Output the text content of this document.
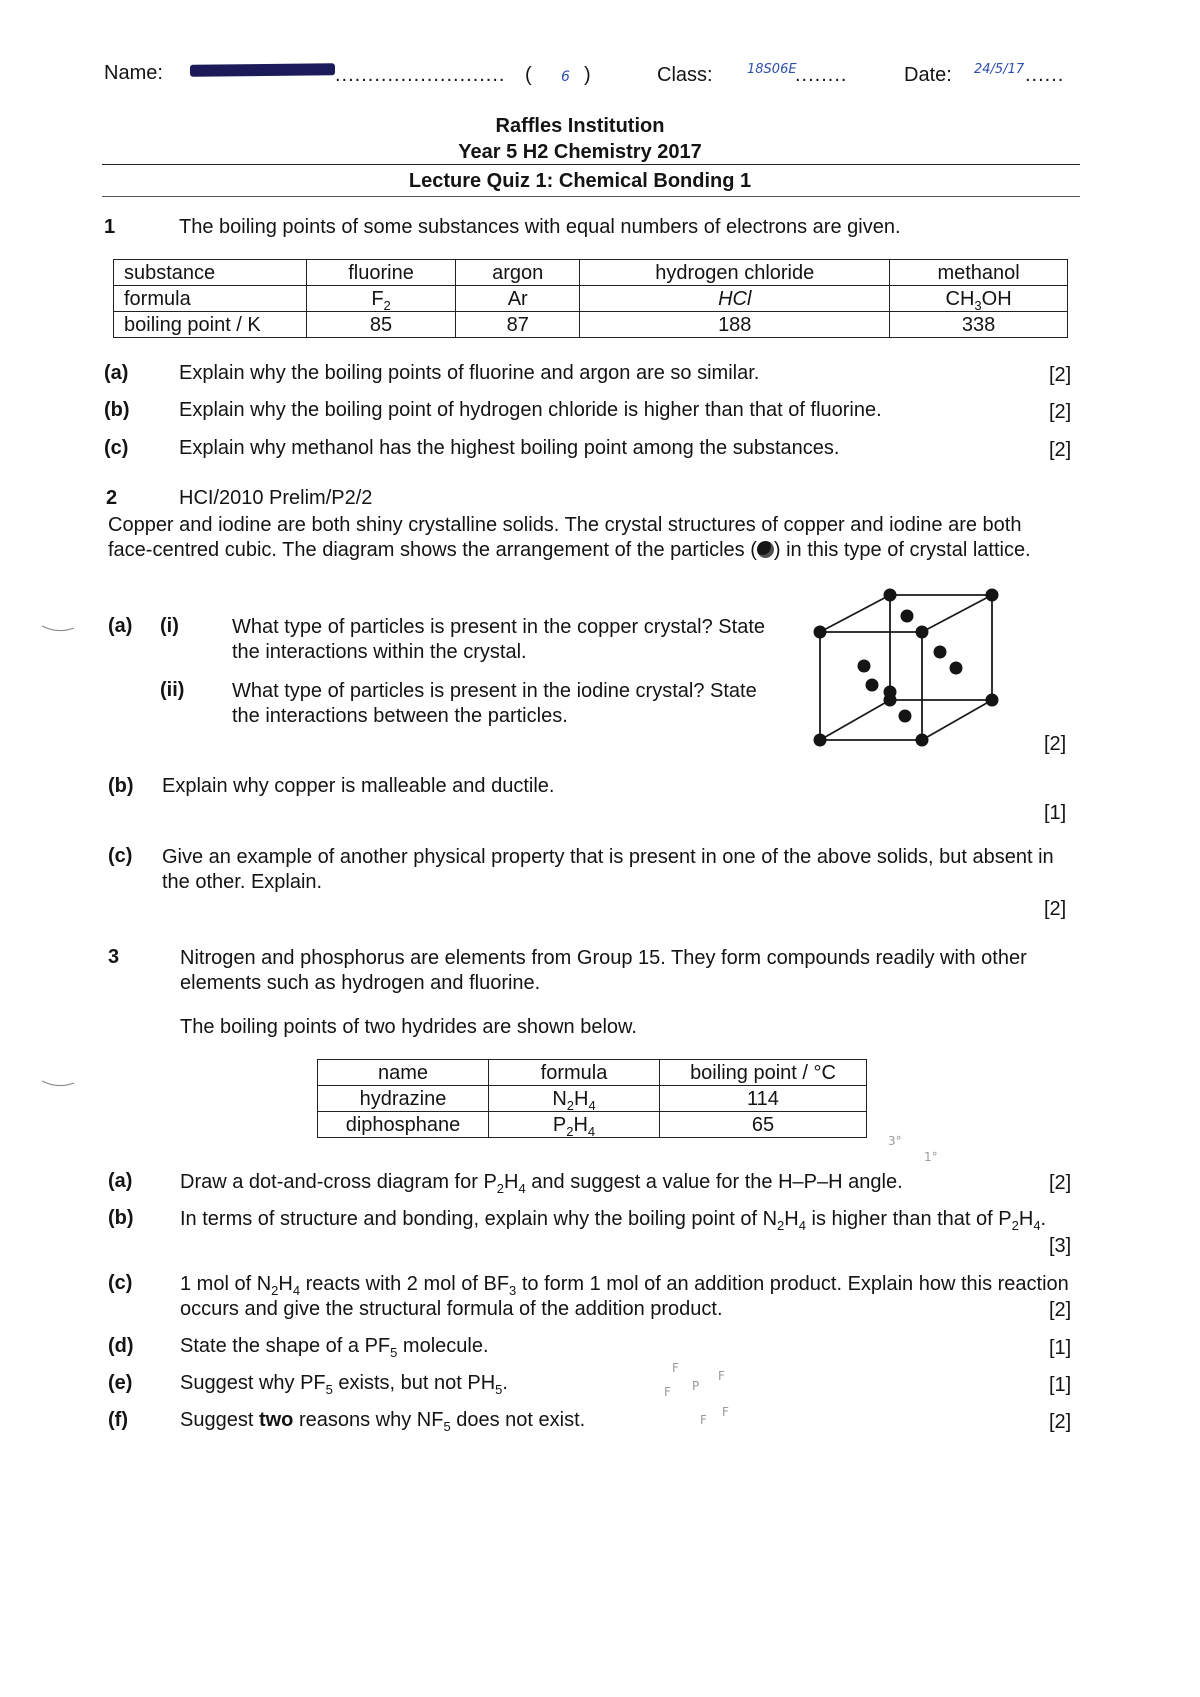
Name:	.......................... ( 6 )	Class:	18S06E
........	Date: 24/5/17 ......
Raffles Institution
Year 5 H2 Chemistry 2017
Lecture Quiz 1: Chemical Bonding 1
1	The boiling points of some substances with equal numbers of electrons are given.
substance	fluorine	argon	hydrogen chloride	methanol
formula	$F_2$	Ar	HCl	$CH_3OH$
boiling point / K	85	87	188	338
(a)	Explain why the boiling points of fluorine and argon are so similar.	[2]
(b) Explain why the boiling point of hydrogen chloride is higher than that of fluorine.	[2]
(c)	Explain why methanol has the highest boiling point among the substances.	[2]
2	HCI/2010 Prelim/P2/2
Copper and iodine are both shiny crystalline solids. The crystal structures of copper and iodine are both face-centred cubic. The diagram shows the arrangement of the particles ( ) in this type of crystal lattice.
(a) (i)	What type of particles is present in the copper crystal? State the interactions within the crystal.
(ii) What type of particles is present in the iodine crystal? State the interactions between the particles.
[2]
(b) Explain why copper is malleable and ductile.
[1]
(c) Give an example of another physical property that is present in one of the above solids, but absent in the other. Explain.
[2]
3	Nitrogen and phosphorus are elements from Group 15. They form compounds readily with other elements such as hydrogen and fluorine.
The boiling points of two hydrides are shown below.
name	formula	boiling point / °C
hydrazine	$N_2H_4$	114
diphosphane	$P_2H_4$	65
3°
1°
(a) Draw a dot-and-cross diagram for $P_2H_4$ and suggest a value for the H–P–H angle.	[2]
(b) In terms of structure and bonding, explain why the boiling point of $N_2H_4$ is higher than that of $P_2H_4$.
[3]
(c) 1 mol of $N_2H_4$ reacts with 2 mol of $BF_3$ to form 1 mol of an addition product. Explain how this reaction occurs and give the structural formula of the addition product.	[2]
(d) State the shape of a $PF_5$ molecule.	[1]
(e) Suggest why $PF_5$ exists, but not $PH_5$.	[1]
(f)	Suggest two reasons why $NF_5$ does not exist.	[2]
F
F P
F
F
F
